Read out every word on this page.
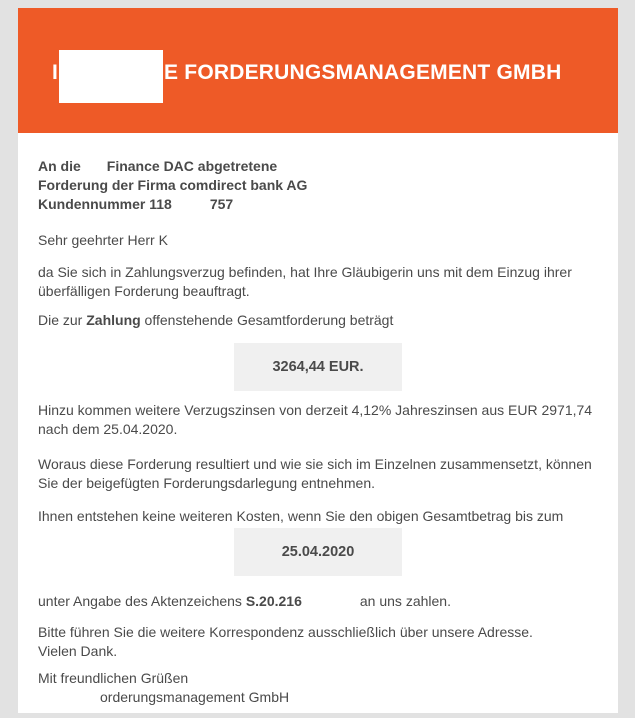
I	E FORDERUNGSMANAGEMENT GMBH

An die Finance DAC abgetretene
Forderung der Firma comdirect bank AG
Kundennummer 118	757

Sehr geehrter Herr K

da Sie sich in Zahlungsverzug befinden, hat Ihre Gläubigerin uns mit dem Einzug ihrer
überfälligen Forderung beauftragt.

Die zur Zahlung offenstehende Gesamtforderung beträgt

3264,44 EUR.

Hinzu kommen weitere Verzugszinsen von derzeit 4,12% Jahreszinsen aus EUR 2971,74
nach dem 25.04.2020.

Woraus diese Forderung resultiert und wie sie sich im Einzelnen zusammensetzt, können
Sie der beigefügten Forderungsdarlegung entnehmen.

Ihnen entstehen keine weiteren Kosten, wenn Sie den obigen Gesamtbetrag bis zum

25.04.2020

unter Angabe des Aktenzeichens S.20.216	an uns zahlen.

Bitte führen Sie die weitere Korrespondenz ausschließlich über unsere Adresse.
Vielen Dank.

Mit freundlichen Grüßen
orderungsmanagement GmbH
